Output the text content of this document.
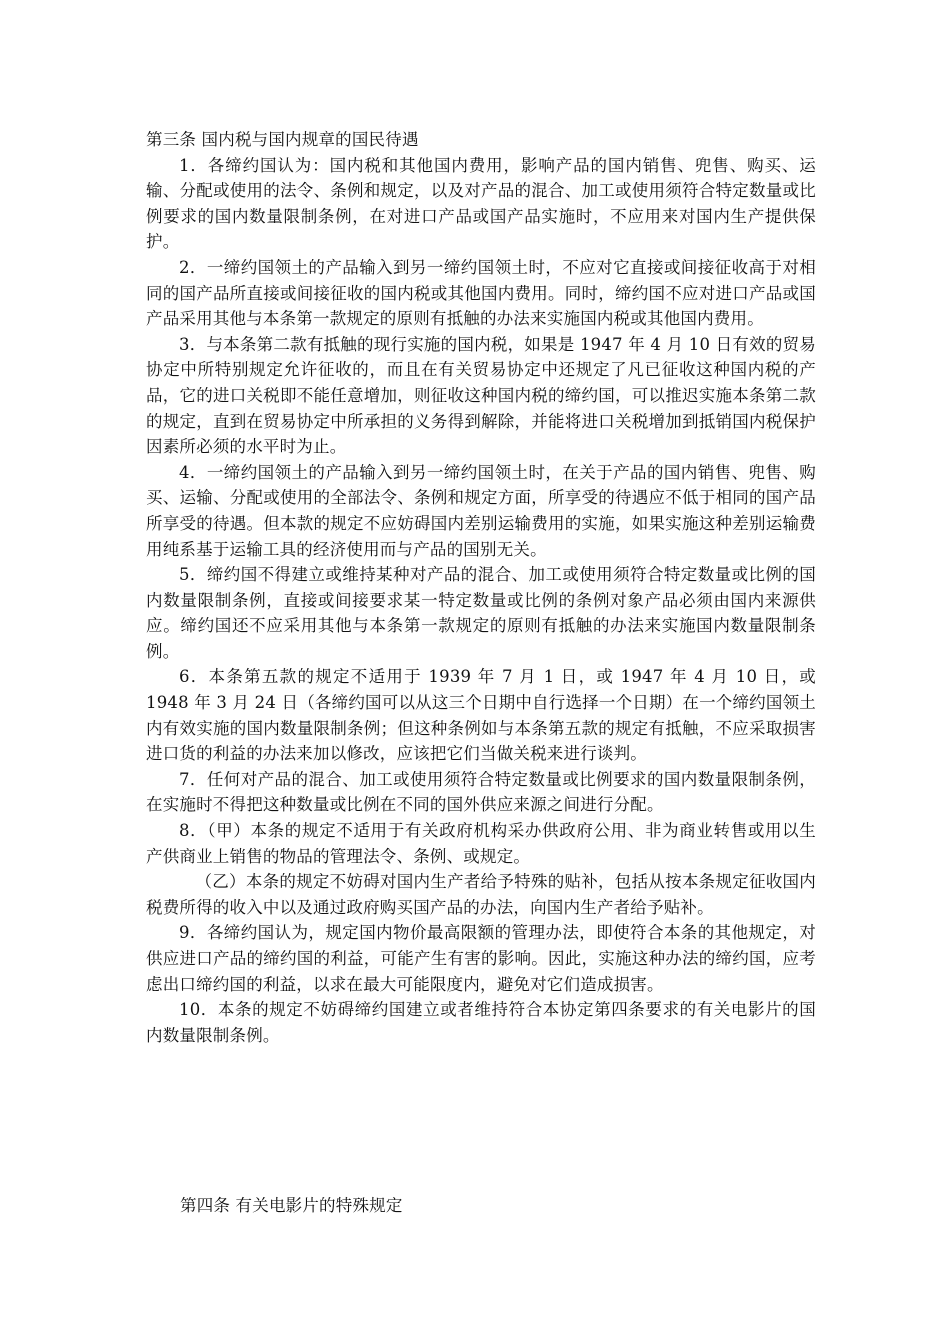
第三条 国内税与国内规章的国民待遇

1．各缔约国认为：国内税和其他国内费用，影响产品的国内销售、兜售、购买、运输、分配或使用的法令、条例和规定，以及对产品的混合、加工或使用须符合特定数量或比例要求的国内数量限制条例，在对进口产品或国产品实施时，不应用来对国内生产提供保护。

2．一缔约国领土的产品输入到另一缔约国领土时，不应对它直接或间接征收高于对相同的国产品所直接或间接征收的国内税或其他国内费用。同时，缔约国不应对进口产品或国产品采用其他与本条第一款规定的原则有抵触的办法来实施国内税或其他国内费用。

3．与本条第二款有抵触的现行实施的国内税，如果是 1947 年 4 月 10 日有效的贸易协定中所特别规定允许征收的，而且在有关贸易协定中还规定了凡已征收这种国内税的产品，它的进口关税即不能任意增加，则征收这种国内税的缔约国，可以推迟实施本条第二款的规定，直到在贸易协定中所承担的义务得到解除，并能将进口关税增加到抵销国内税保护因素所必须的水平时为止。

4．一缔约国领土的产品输入到另一缔约国领土时，在关于产品的国内销售、兜售、购买、运输、分配或使用的全部法令、条例和规定方面，所享受的待遇应不低于相同的国产品所享受的待遇。但本款的规定不应妨碍国内差别运输费用的实施，如果实施这种差别运输费用纯系基于运输工具的经济使用而与产品的国别无关。

5．缔约国不得建立或维持某种对产品的混合、加工或使用须符合特定数量或比例的国内数量限制条例，直接或间接要求某一特定数量或比例的条例对象产品必须由国内来源供应。缔约国还不应采用其他与本条第一款规定的原则有抵触的办法来实施国内数量限制条例。

6．本条第五款的规定不适用于 1939 年 7 月 1 日，或 1947 年 4 月 10 日，或 1948 年 3 月 24 日（各缔约国可以从这三个日期中自行选择一个日期）在一个缔约国领土内有效实施的国内数量限制条例；但这种条例如与本条第五款的规定有抵触，不应采取损害进口货的利益的办法来加以修改，应该把它们当做关税来进行谈判。

7．任何对产品的混合、加工或使用须符合特定数量或比例要求的国内数量限制条例，在实施时不得把这种数量或比例在不同的国外供应来源之间进行分配。

8．（甲）本条的规定不适用于有关政府机构采办供政府公用、非为商业转售或用以生产供商业上销售的物品的管理法令、条例、或规定。

（乙）本条的规定不妨碍对国内生产者给予特殊的贴补，包括从按本条规定征收国内税费所得的收入中以及通过政府购买国产品的办法，向国内生产者给予贴补。

9．各缔约国认为，规定国内物价最高限额的管理办法，即使符合本条的其他规定，对供应进口产品的缔约国的利益，可能产生有害的影响。因此，实施这种办法的缔约国，应考虑出口缔约国的利益，以求在最大可能限度内，避免对它们造成损害。

10．本条的规定不妨碍缔约国建立或者维持符合本协定第四条要求的有关电影片的国内数量限制条例。

第四条 有关电影片的特殊规定
